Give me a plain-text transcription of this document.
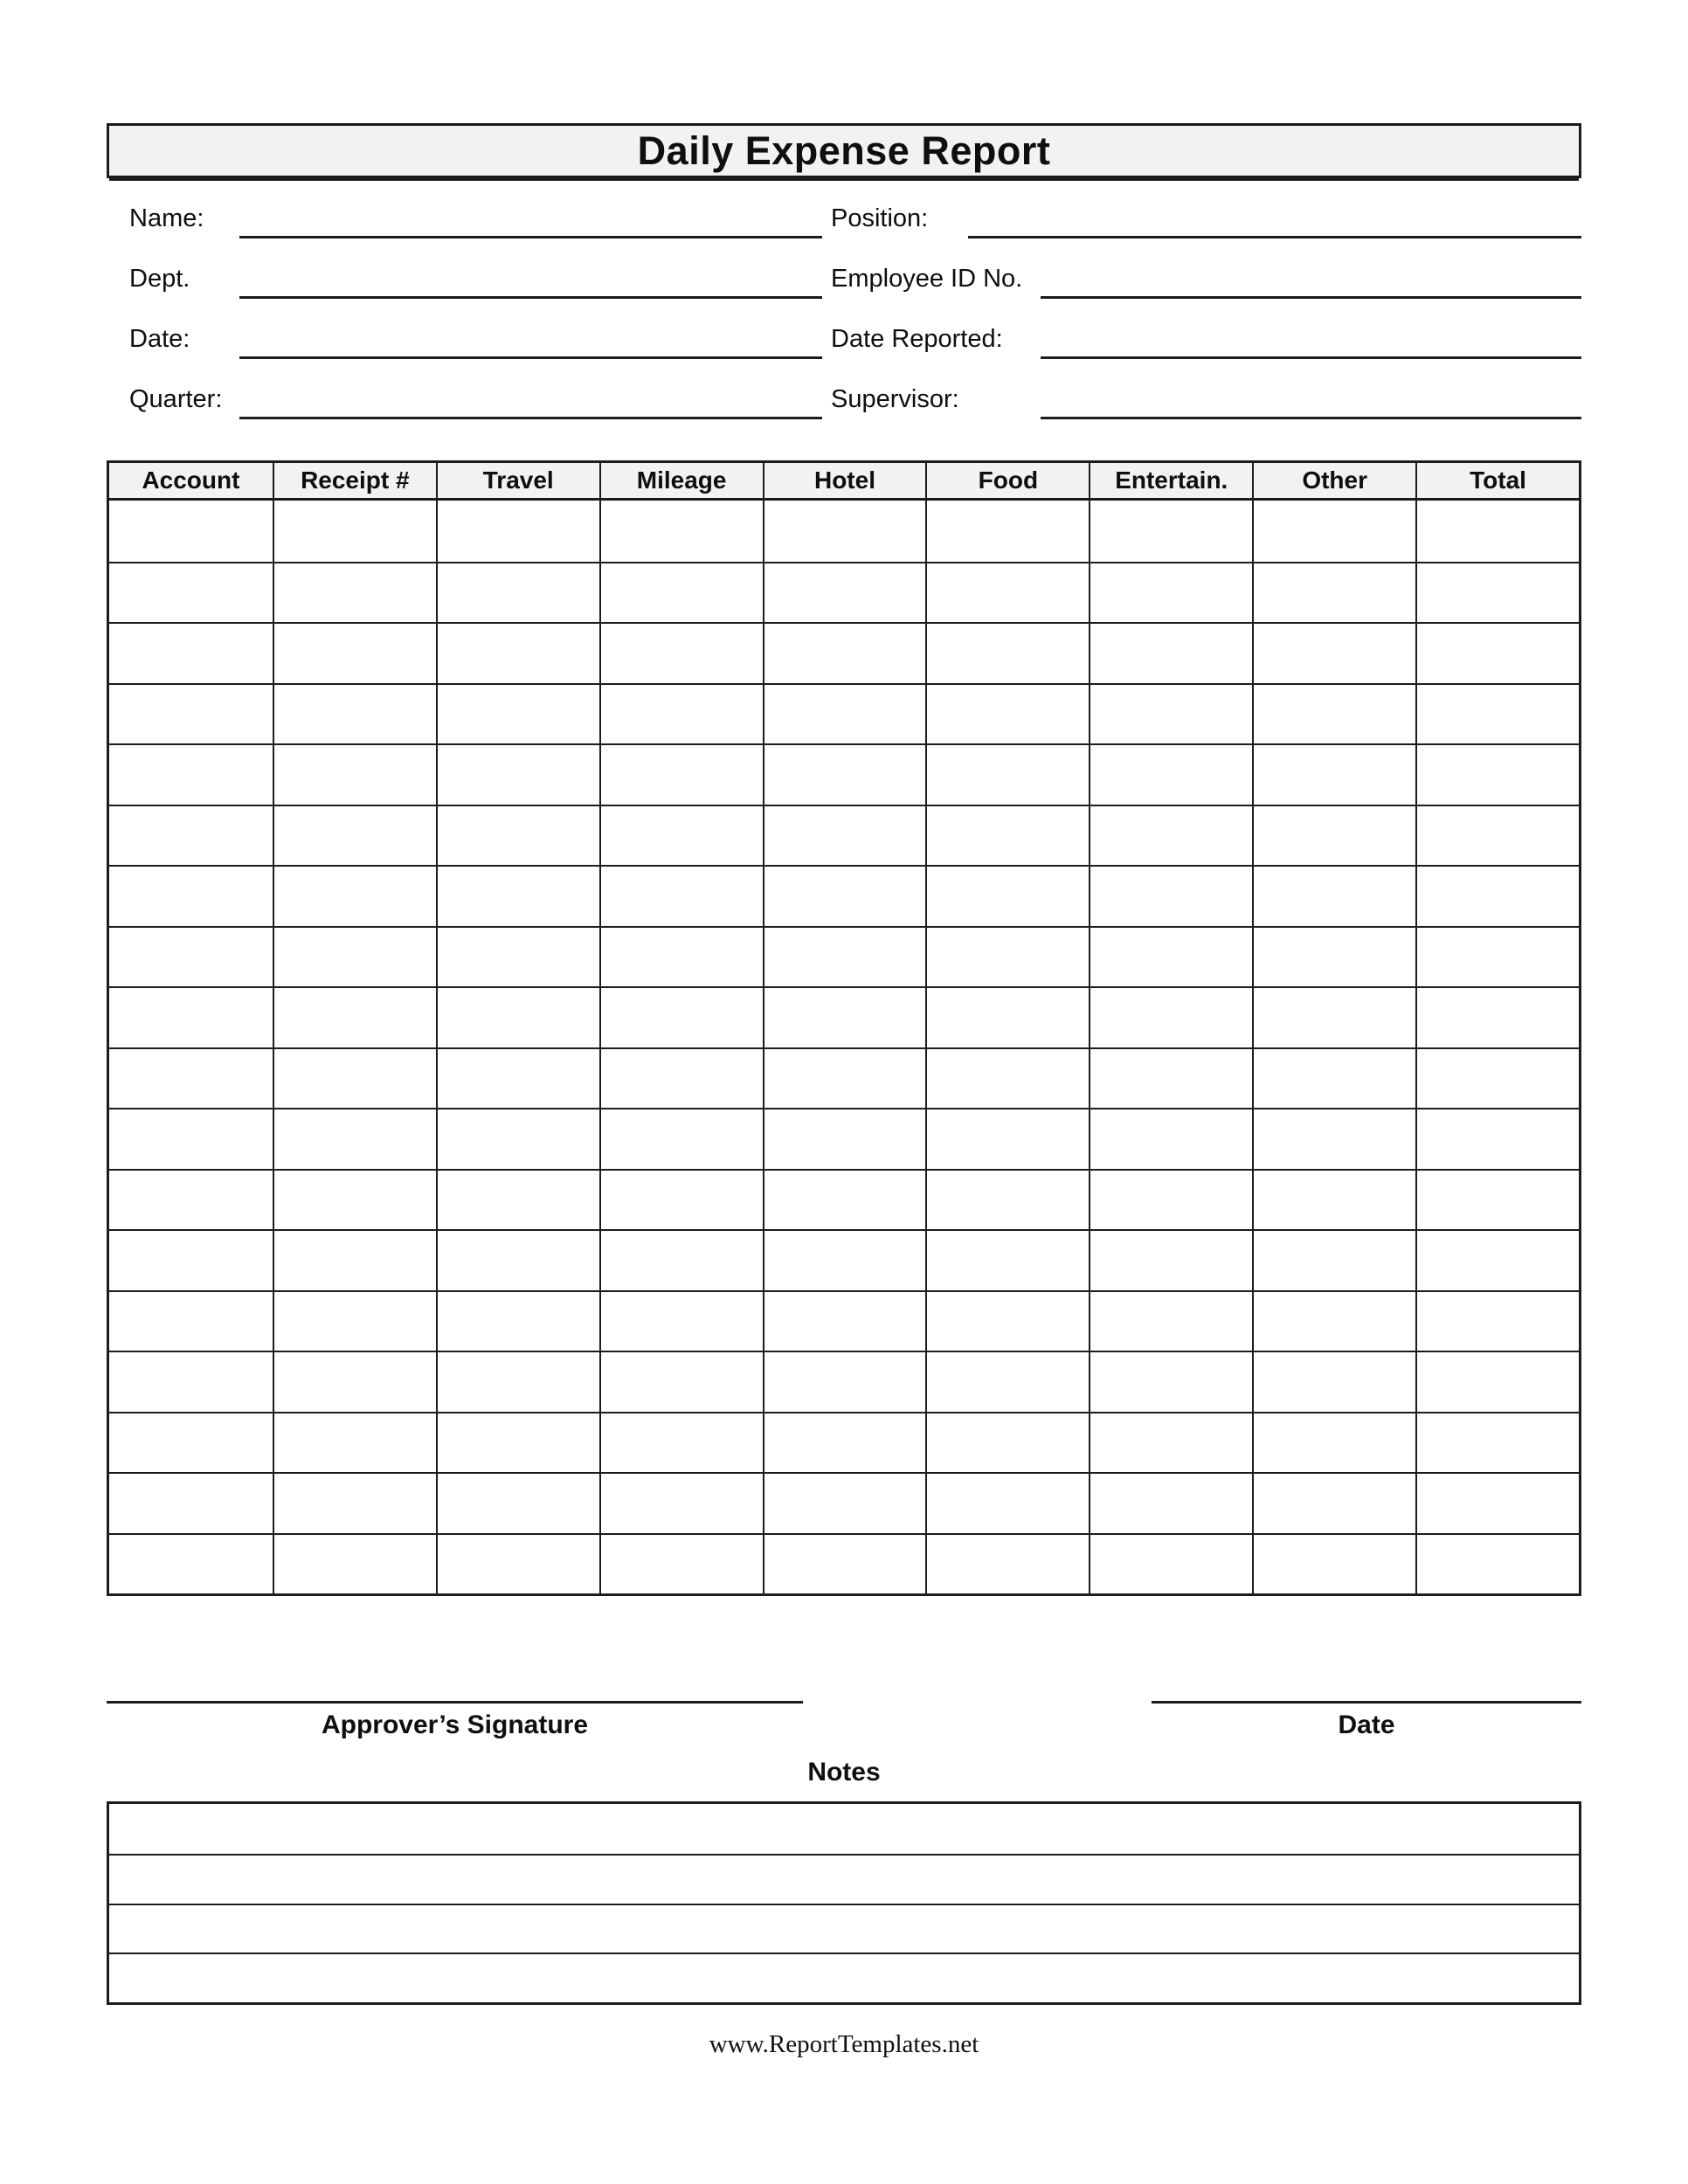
Daily Expense Report
Name:	Position:
Dept.	Employee ID No.
Date:	Date Reported:
Quarter:	Supervisor:
Account	Receipt #	Travel	Mileage	Hotel	Food	Entertain.	Other	Total
Approver’s Signature	Date
Notes
www.ReportTemplates.net
